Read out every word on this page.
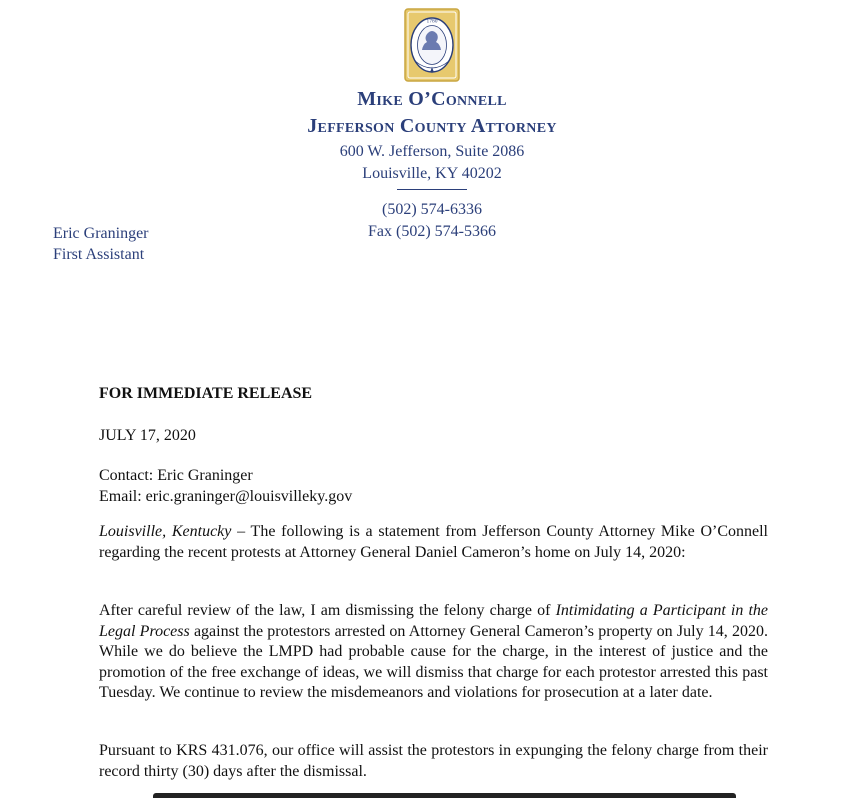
1780
Mike O’Connell
Jefferson County Attorney
600 W. Jefferson, Suite 2086
Louisville, KY 40202
(502) 574-6336
Fax (502) 574-5366
Eric Graninger
First Assistant
FOR IMMEDIATE RELEASE
JULY 17, 2020
Contact: Eric Graninger
Email: eric.graninger@louisvilleky.gov
Louisville, Kentucky – The following is a statement from Jefferson County Attorney Mike O’Connell regarding the recent protests at Attorney General Daniel Cameron’s home on July 14, 2020:
After careful review of the law, I am dismissing the felony charge of Intimidating a Participant in the Legal Process against the protestors arrested on Attorney General Cameron’s property on July 14, 2020. While we do believe the LMPD had probable cause for the charge, in the interest of justice and the promotion of the free exchange of ideas, we will dismiss that charge for each protestor arrested this past Tuesday. We continue to review the misdemeanors and violations for prosecution at a later date.
Pursuant to KRS 431.076, our office will assist the protestors in expunging the felony charge from their record thirty (30) days after the dismissal.
